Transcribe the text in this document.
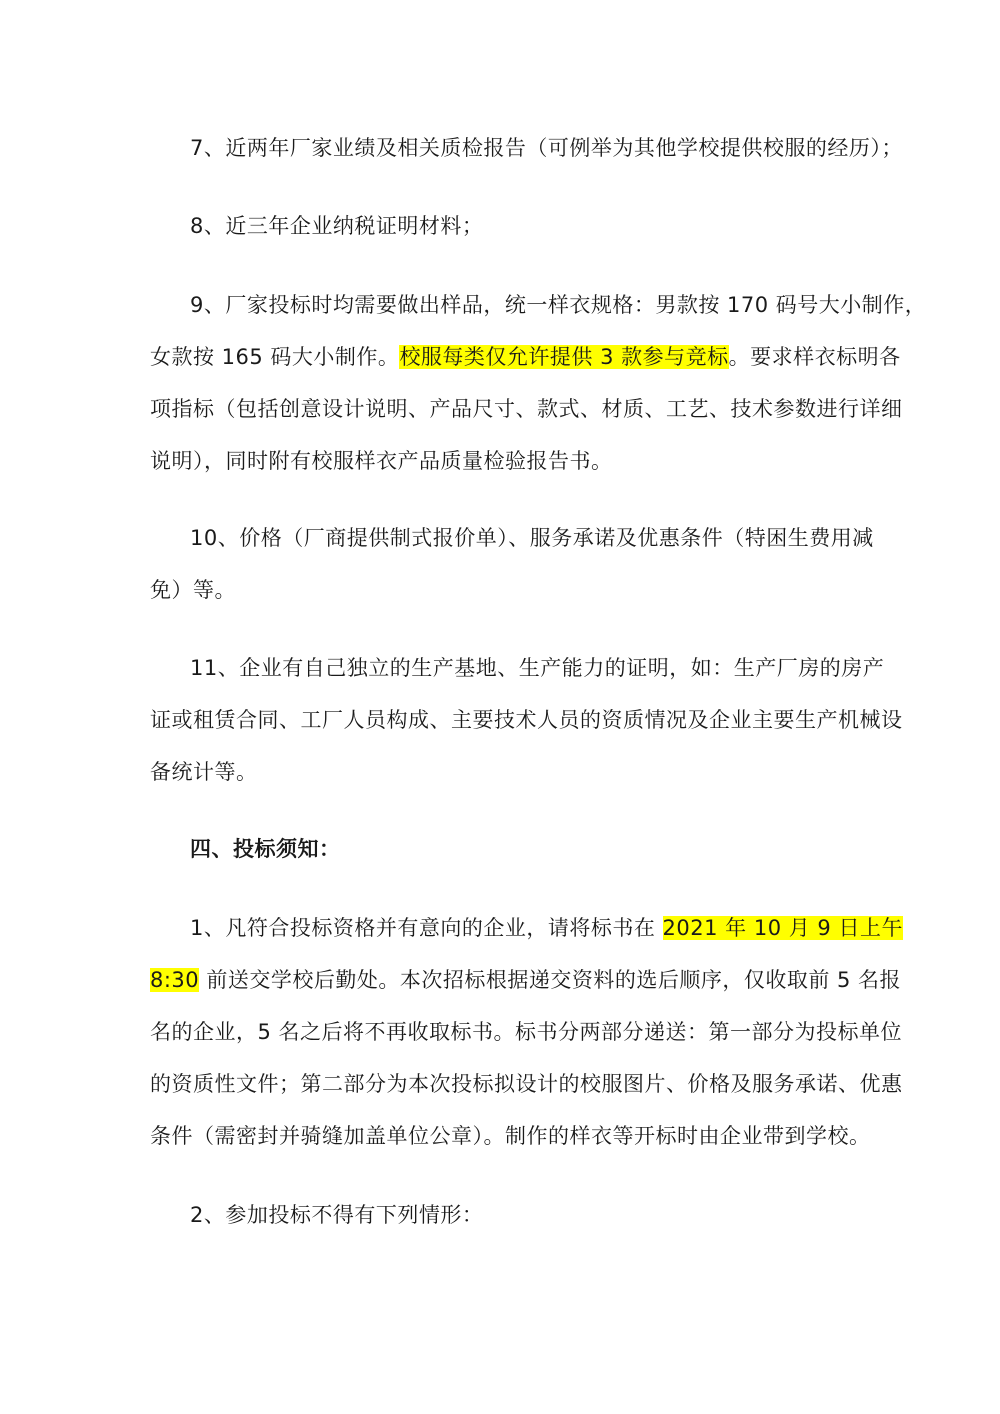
7、近两年厂家业绩及相关质检报告（可例举为其他学校提供校服的经历）；
8、近三年企业纳税证明材料；
9、厂家投标时均需要做出样品，统一样衣规格：男款按 170 码号大小制作，
女款按 165 码大小制作。校服每类仅允许提供 3 款参与竞标。要求样衣标明各
项指标（包括创意设计说明、产品尺寸、款式、材质、工艺、技术参数进行详细
说明），同时附有校服样衣产品质量检验报告书。
10、价格（厂商提供制式报价单）、服务承诺及优惠条件（特困生费用减
免）等。
11、企业有自己独立的生产基地、生产能力的证明，如：生产厂房的房产
证或租赁合同、工厂人员构成、主要技术人员的资质情况及企业主要生产机械设
备统计等。
四、投标须知：
1、凡符合投标资格并有意向的企业，请将标书在 2021 年 10 月 9 日上午
8:30 前送交学校后勤处。本次招标根据递交资料的选后顺序，仅收取前 5 名报
名的企业，5 名之后将不再收取标书。标书分两部分递送：第一部分为投标单位
的资质性文件；第二部分为本次投标拟设计的校服图片、价格及服务承诺、优惠
条件（需密封并骑缝加盖单位公章）。制作的样衣等开标时由企业带到学校。
2、参加投标不得有下列情形：
